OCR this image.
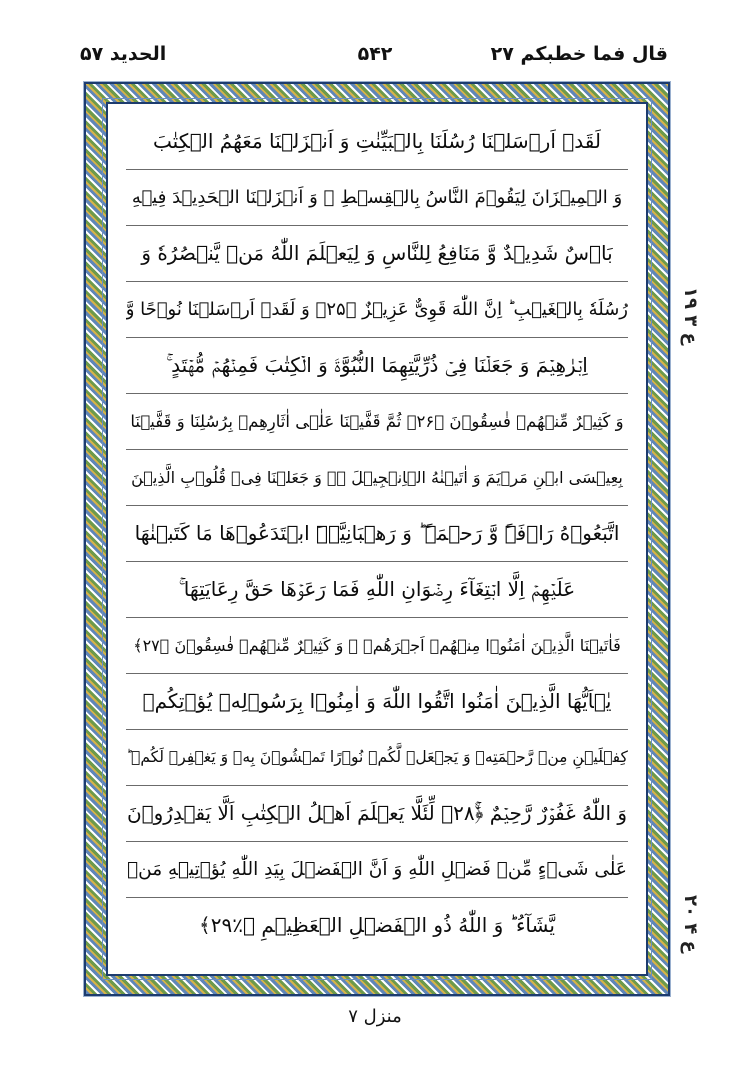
قال فما خطبکم ۲۷
۵۴۲
الحدید ۵۷
لَقَدۡ اَرۡسَلۡنَا رُسُلَنَا بِالۡبَیِّنٰتِ وَ اَنۡزَلۡنَا مَعَهُمُ الۡکِتٰبَ
وَ الۡمِیۡزَانَ لِیَقُوۡمَ النَّاسُ بِالۡقِسۡطِ ۚ وَ اَنۡزَلۡنَا الۡحَدِیۡدَ فِیۡهِ
بَاۡسٌ شَدِیۡدٌ وَّ مَنَافِعُ لِلنَّاسِ وَ لِیَعۡلَمَ اللّٰهُ مَنۡ یَّنۡصُرُهٗ وَ
رُسُلَهٗ بِالۡغَیۡبِ ؕ اِنَّ اللّٰهَ قَوِیٌّ عَزِیۡزٌ ﴿۲۵﴾ وَ لَقَدۡ اَرۡسَلۡنَا نُوۡحًا وَّ
اِبۡرٰهِیۡمَ وَ جَعَلۡنَا فِیۡ ذُرِّیَّتِهِمَا النُّبُوَّۃَ وَ الۡکِتٰبَ فَمِنۡهُمۡ مُّهۡتَدٍ ۚ
وَ کَثِیۡرٌ مِّنۡهُمۡ فٰسِقُوۡنَ ﴿۲۶﴾ ثُمَّ قَفَّیۡنَا عَلٰۤی اٰثَارِهِمۡ بِرُسُلِنَا وَ قَفَّیۡنَا
بِعِیۡسَی ابۡنِ مَرۡیَمَ وَ اٰتَیۡنٰهُ الۡاِنۡجِیۡلَ ۬ۙ وَ جَعَلۡنَا فِیۡ قُلُوۡبِ الَّذِیۡنَ
اتَّبَعُوۡهُ رَاۡفَۃً وَّ رَحۡمَۃً ؕ وَ رَهۡبَانِیَّۃَۨ ابۡتَدَعُوۡهَا مَا کَتَبۡنٰهَا
عَلَیۡهِمۡ اِلَّا ابۡتِغَآءَ رِضۡوَانِ اللّٰهِ فَمَا رَعَوۡهَا حَقَّ رِعَایَتِهَا ۚ
فَاٰتَیۡنَا الَّذِیۡنَ اٰمَنُوۡا مِنۡهُمۡ اَجۡرَهُمۡ ۚ وَ کَثِیۡرٌ مِّنۡهُمۡ فٰسِقُوۡنَ ﴿۲۷﴾
یٰۤاَیُّهَا الَّذِیۡنَ اٰمَنُوا اتَّقُوا اللّٰهَ وَ اٰمِنُوۡا بِرَسُوۡلِهٖ یُؤۡتِکُمۡ
کِفۡلَیۡنِ مِنۡ رَّحۡمَتِهٖ وَ یَجۡعَلۡ لَّکُمۡ نُوۡرًا تَمۡشُوۡنَ بِهٖ وَ یَغۡفِرۡ لَکُمۡ ؕ
وَ اللّٰهُ غَفُوۡرٌ رَّحِیۡمٌ ﴿ۚۙ۲۸﴾ لِّئَلَّا یَعۡلَمَ اَهۡلُ الۡکِتٰبِ اَلَّا یَقۡدِرُوۡنَ
عَلٰی شَیۡءٍ مِّنۡ فَضۡلِ اللّٰهِ وَ اَنَّ الۡفَضۡلَ بِیَدِ اللّٰهِ یُؤۡتِیۡهِ مَنۡ
یَّشَآءُ ؕ وَ اللّٰهُ ذُو الۡفَضۡلِ الۡعَظِیۡمِ ﴿٪۲۹﴾
ع ۳ ۱۹
ع ۴ ۲۰
منزل ۷
